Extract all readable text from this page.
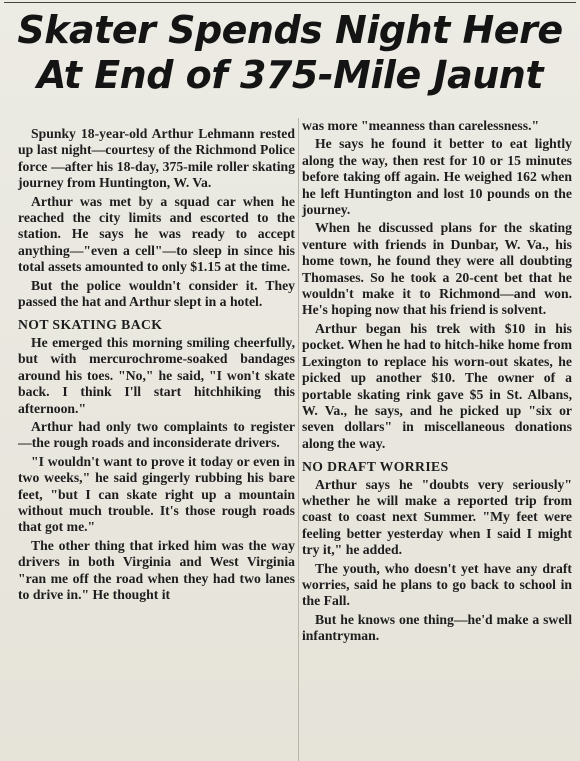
Skater Spends Night Here
At End of 375-Mile Jaunt

Spunky 18-year-old Arthur Lehmann rested up last night—courtesy of the Richmond Police force —after his 18-day, 375-mile roller skating journey from Huntington, W. Va.

Arthur was met by a squad car when he reached the city limits and escorted to the station. He says he was ready to accept anything—"even a cell"—to sleep in since his total assets amounted to only $1.15 at the time.

But the police wouldn't consider it. They passed the hat and Arthur slept in a hotel.

NOT SKATING BACK

He emerged this morning smiling cheerfully, but with mercurochrome-soaked bandages around his toes. "No," he said, "I won't skate back. I think I'll start hitchhiking this afternoon."

Arthur had only two complaints to register—the rough roads and inconsiderate drivers.

"I wouldn't want to prove it today or even in two weeks," he said gingerly rubbing his bare feet, "but I can skate right up a mountain without much trouble. It's those rough roads that got me."

The other thing that irked him was the way drivers in both Virginia and West Virginia "ran me off the road when they had two lanes to drive in." He thought it

was more "meanness than carelessness."

He says he found it better to eat lightly along the way, then rest for 10 or 15 minutes before taking off again. He weighed 162 when he left Huntington and lost 10 pounds on the journey.

When he discussed plans for the skating venture with friends in Dunbar, W. Va., his home town, he found they were all doubting Thomases. So he took a 20-cent bet that he wouldn't make it to Richmond—and won. He's hoping now that his friend is solvent.

Arthur began his trek with $10 in his pocket. When he had to hitch-hike home from Lexington to replace his worn-out skates, he picked up another $10. The owner of a portable skating rink gave $5 in St. Albans, W. Va., he says, and he picked up "six or seven dollars" in miscellaneous donations along the way.

NO DRAFT WORRIES

Arthur says he "doubts very seriously" whether he will make a reported trip from coast to coast next Summer. "My feet were feeling better yesterday when I said I might try it," he added.

The youth, who doesn't yet have any draft worries, said he plans to go back to school in the Fall.

But he knows one thing—he'd make a swell infantryman.
